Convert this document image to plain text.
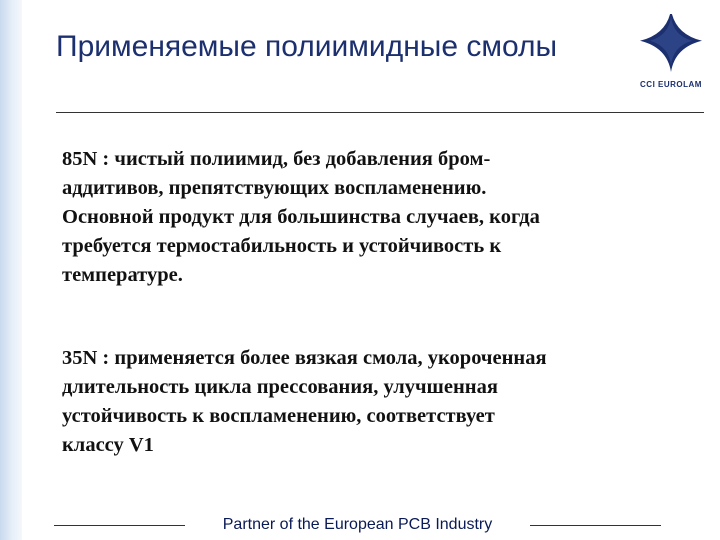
Применяемые полиимидные смолы
CCI EUROLAM

85N : чистый полиимид, без добавления бром-
аддитивов, препятствующих воспламенению.
Основной продукт для большинства случаев, когда
требуется термостабильность и устойчивость к
температуре.

35N : применяется более вязкая смола, укороченная
длительность цикла прессования, улучшенная
устойчивость к воспламенению, соответствует
классу V1

Partner of the European PCB Industry
